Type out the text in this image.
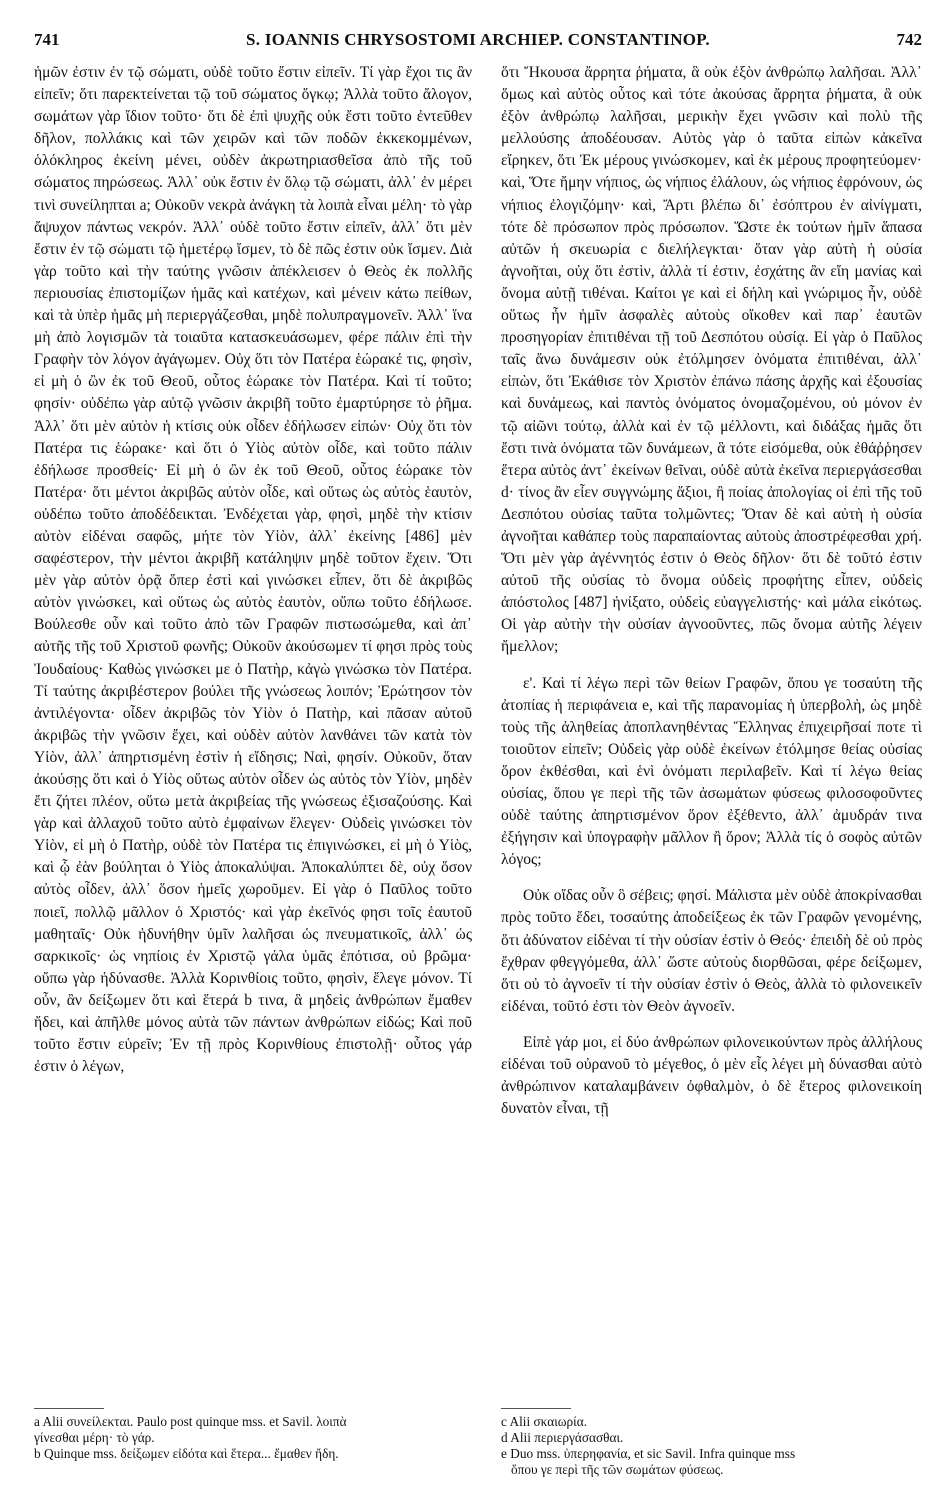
741	S. IOANNIS CHRYSOSTOMI ARCHIEP. CONSTANTINOP.	742

ἡμῶν ἐστιν ἐν τῷ σώματι, οὐδὲ τοῦτο ἔστιν εἰπεῖν. Τί γὰρ ἔχοι τις ἂν εἰπεῖν; ὅτι παρεκτείνεται τῷ τοῦ σώματος ὄγκῳ; Ἀλλὰ τοῦτο ἄλογον, σωμάτων γὰρ ἴδιον τοῦτο· ὅτι δὲ ἐπὶ ψυχῆς οὐκ ἔστι τοῦτο ἐντεῦθεν δῆλον, πολλάκις καὶ τῶν χειρῶν καὶ τῶν ποδῶν ἐκκεκομμένων, ὁλόκληρος ἐκείνη μένει, οὐδὲν ἀκρωτηριασθεῖσα ἀπὸ τῆς τοῦ σώματος πηρώσεως. Ἀλλ᾽ οὐκ ἔστιν ἐν ὅλῳ τῷ σώματι, ἀλλ᾽ ἐν μέρει τινὶ συνείληπται a; Οὐκοῦν νεκρὰ ἀνάγκη τὰ λοιπὰ εἶναι μέλη· τὸ γὰρ ἄψυχον πάντως νεκρόν. Ἀλλ᾽ οὐδὲ τοῦτο ἔστιν εἰπεῖν, ἀλλ᾽ ὅτι μὲν ἔστιν ἐν τῷ σώματι τῷ ἡμετέρῳ ἴσμεν, τὸ δὲ πῶς ἐστιν οὐκ ἴσμεν. Διὰ γὰρ τοῦτο καὶ τὴν ταύτης γνῶσιν ἀπέκλεισεν ὁ Θεὸς ἐκ πολλῆς περιουσίας ἐπιστομίζων ἡμᾶς καὶ κατέχων, καὶ μένειν κάτω πείθων, καὶ τὰ ὑπὲρ ἡμᾶς μὴ περιεργάζεσθαι, μηδὲ πολυπραγμονεῖν. Ἀλλ᾽ ἵνα μὴ ἀπὸ λογισμῶν τὰ τοιαῦτα κατασκευάσωμεν, φέρε πάλιν ἐπὶ τὴν Γραφὴν τὸν λόγον ἀγάγωμεν. Οὐχ ὅτι τὸν Πατέρα ἑώρακέ τις, φησὶν, εἰ μὴ ὁ ὢν ἐκ τοῦ Θεοῦ, οὗτος ἑώρακε τὸν Πατέρα. Καὶ τί τοῦτο; φησίν· οὐδέπω γὰρ αὐτῷ γνῶσιν ἀκριβῆ τοῦτο ἐμαρτύρησε τὸ ῥῆμα. Ἀλλ᾽ ὅτι μὲν αὐτὸν ἡ κτίσις οὐκ οἶδεν ἐδήλωσεν εἰπών· Οὐχ ὅτι τὸν Πατέρα τις ἑώρακε· καὶ ὅτι ὁ Υἱὸς αὐτὸν οἶδε, καὶ τοῦτο πάλιν ἐδήλωσε προσθείς· Εἰ μὴ ὁ ὢν ἐκ τοῦ Θεοῦ, οὗτος ἑώρακε τὸν Πατέρα· ὅτι μέντοι ἀκριβῶς αὐτὸν οἶδε, καὶ οὕτως ὡς αὐτὸς ἑαυτὸν, οὐδέπω τοῦτο ἀποδέδεικται. Ἐνδέχεται γὰρ, φησὶ, μηδὲ τὴν κτίσιν αὐτὸν εἰδέναι σαφῶς, μήτε τὸν Υἱὸν, ἀλλ᾽ ἐκείνης [486] μὲν σαφέστερον, τὴν μέντοι ἀκριβῆ κατάληψιν μηδὲ τοῦτον ἔχειν. Ὅτι μὲν γὰρ αὐτὸν ὁρᾷ ὅπερ ἐστὶ καὶ γινώσκει εἶπεν, ὅτι δὲ ἀκριβῶς αὐτὸν γινώσκει, καὶ οὕτως ὡς αὐτὸς ἑαυτὸν, οὔπω τοῦτο ἐδήλωσε. Βούλεσθε οὖν καὶ τοῦτο ἀπὸ τῶν Γραφῶν πιστωσώμεθα, καὶ ἀπ᾽ αὐτῆς τῆς τοῦ Χριστοῦ φωνῆς; Οὐκοῦν ἀκούσωμεν τί φησι πρὸς τοὺς Ἰουδαίους· Καθὼς γινώσκει με ὁ Πατὴρ, κἀγὼ γινώσκω τὸν Πατέρα. Τί ταύτης ἀκριβέστερον βούλει τῆς γνώσεως λοιπόν; Ἐρώτησον τὸν ἀντιλέγοντα· οἶδεν ἀκριβῶς τὸν Υἱὸν ὁ Πατὴρ, καὶ πᾶσαν αὐτοῦ ἀκριβῶς τὴν γνῶσιν ἔχει, καὶ οὐδὲν αὐτὸν λανθάνει τῶν κατὰ τὸν Υἱὸν, ἀλλ᾽ ἀπηρτισμένη ἐστὶν ἡ εἴδησις; Ναὶ, φησίν. Οὐκοῦν, ὅταν ἀκούσῃς ὅτι καὶ ὁ Υἱὸς οὕτως αὐτὸν οἶδεν ὡς αὐτὸς τὸν Υἱὸν, μηδὲν ἔτι ζήτει πλέον, οὕτω μετὰ ἀκριβείας τῆς γνώσεως ἐξισαζούσης. Καὶ γὰρ καὶ ἀλλαχοῦ τοῦτο αὐτὸ ἐμφαίνων ἔλεγεν· Οὐδεὶς γινώσκει τὸν Υἱὸν, εἰ μὴ ὁ Πατὴρ, οὐδὲ τὸν Πατέρα τις ἐπιγινώσκει, εἰ μὴ ὁ Υἱὸς, καὶ ᾧ ἐὰν βούληται ὁ Υἱὸς ἀποκαλύψαι. Ἀποκαλύπτει δὲ, οὐχ ὅσον αὐτὸς οἶδεν, ἀλλ᾽ ὅσον ἡμεῖς χωροῦμεν. Εἰ γὰρ ὁ Παῦλος τοῦτο ποιεῖ, πολλῷ μᾶλλον ὁ Χριστός· καὶ γὰρ ἐκεῖνός φησι τοῖς ἑαυτοῦ μαθηταῖς· Οὐκ ἠδυνήθην ὑμῖν λαλῆσαι ὡς πνευματικοῖς, ἀλλ᾽ ὡς σαρκικοῖς· ὡς νηπίοις ἐν Χριστῷ γάλα ὑμᾶς ἐπότισα, οὐ βρῶμα· οὔπω γὰρ ἠδύνασθε. Ἀλλὰ Κορινθίοις τοῦτο, φησὶν, ἔλεγε μόνον. Τί οὖν, ἂν δείξωμεν ὅτι καὶ ἕτερά b τινα, ἃ μηδεὶς ἀνθρώπων ἔμαθεν ἤδει, καὶ ἀπῆλθε μόνος αὐτὰ τῶν πάντων ἀνθρώπων εἰδώς; Καὶ ποῦ τοῦτο ἔστιν εὑρεῖν; Ἐν τῇ πρὸς Κορινθίους ἐπιστολῇ· οὗτος γάρ ἐστιν ὁ λέγων,

ὅτι Ἤκουσα ἄρρητα ῥήματα, ἃ οὐκ ἐξὸν ἀνθρώπῳ λαλῆσαι. Ἀλλ᾽ ὅμως καὶ αὐτὸς οὗτος καὶ τότε ἀκούσας ἄρρητα ῥήματα, ἃ οὐκ ἐξὸν ἀνθρώπῳ λαλῆσαι, μερικὴν ἔχει γνῶσιν καὶ πολὺ τῆς μελλούσης ἀποδέουσαν. Αὐτὸς γὰρ ὁ ταῦτα εἰπὼν κἀκεῖνα εἴρηκεν, ὅτι Ἐκ μέρους γινώσκομεν, καὶ ἐκ μέρους προφητεύομεν· καὶ, Ὅτε ἤμην νήπιος, ὡς νήπιος ἐλάλουν, ὡς νήπιος ἐφρόνουν, ὡς νήπιος ἐλογιζόμην· καὶ, Ἄρτι βλέπω δι᾽ ἐσόπτρου ἐν αἰνίγματι, τότε δὲ πρόσωπον πρὸς πρόσωπον. Ὥστε ἐκ τούτων ἡμῖν ἅπασα αὐτῶν ἡ σκευωρία c διελήλεγκται· ὅταν γὰρ αὐτὴ ἡ οὐσία ἀγνοῆται, οὐχ ὅτι ἐστὶν, ἀλλὰ τί ἐστιν, ἐσχάτης ἂν εἴη μανίας καὶ ὄνομα αὐτῇ τιθέναι. Καίτοι γε καὶ εἰ δήλη καὶ γνώριμος ἦν, οὐδὲ οὕτως ἦν ἡμῖν ἀσφαλὲς αὐτοὺς οἴκοθεν καὶ παρ᾽ ἑαυτῶν προσηγορίαν ἐπιτιθέναι τῇ τοῦ Δεσπότου οὐσίᾳ. Εἰ γὰρ ὁ Παῦλος ταῖς ἄνω δυνάμεσιν οὐκ ἐτόλμησεν ὀνόματα ἐπιτιθέναι, ἀλλ᾽ εἰπὼν, ὅτι Ἐκάθισε τὸν Χριστὸν ἐπάνω πάσης ἀρχῆς καὶ ἐξουσίας καὶ δυνάμεως, καὶ παντὸς ὀνόματος ὀνομαζομένου, οὐ μόνον ἐν τῷ αἰῶνι τούτῳ, ἀλλὰ καὶ ἐν τῷ μέλλοντι, καὶ διδάξας ἡμᾶς ὅτι ἔστι τινὰ ὀνόματα τῶν δυνάμεων, ἃ τότε εἰσόμεθα, οὐκ ἐθάῤῥησεν ἕτερα αὐτὸς ἀντ᾽ ἐκείνων θεῖναι, οὐδὲ αὐτὰ ἐκεῖνα περιεργάσεσθαι d· τίνος ἂν εἶεν συγγνώμης ἄξιοι, ἢ ποίας ἀπολογίας οἱ ἐπὶ τῆς τοῦ Δεσπότου οὐσίας ταῦτα τολμῶντες; Ὅταν δὲ καὶ αὐτὴ ἡ οὐσία ἀγνοῆται καθάπερ τοὺς παραπαίοντας αὐτοὺς ἀποστρέφεσθαι χρή. Ὅτι μὲν γὰρ ἀγέννητός ἐστιν ὁ Θεὸς δῆλον· ὅτι δὲ τοῦτό ἐστιν αὐτοῦ τῆς οὐσίας τὸ ὄνομα οὐδεὶς προφήτης εἶπεν, οὐδεὶς ἀπόστολος [487] ἠνίξατο, οὐδεὶς εὐαγγελιστής· καὶ μάλα εἰκότως. Οἱ γὰρ αὐτὴν τὴν οὐσίαν ἀγνοοῦντες, πῶς ὄνομα αὐτῆς λέγειν ἤμελλον;

ε'. Καὶ τί λέγω περὶ τῶν θείων Γραφῶν, ὅπου γε τοσαύτη τῆς ἀτοπίας ἡ περιφάνεια e, καὶ τῆς παρανομίας ἡ ὑπερβολὴ, ὡς μηδὲ τοὺς τῆς ἀληθείας ἀποπλανηθέντας Ἕλληνας ἐπιχειρῆσαί ποτε τὶ τοιοῦτον εἰπεῖν; Οὐδεὶς γὰρ οὐδὲ ἐκείνων ἐτόλμησε θείας οὐσίας ὅρον ἐκθέσθαι, καὶ ἑνὶ ὀνόματι περιλαβεῖν. Καὶ τί λέγω θείας οὐσίας, ὅπου γε περὶ τῆς τῶν ἀσωμάτων φύσεως φιλοσοφοῦντες οὐδὲ ταύτης ἀπηρτισμένον ὅρον ἐξέθεντο, ἀλλ᾽ ἀμυδράν τινα ἐξήγησιν καὶ ὑπογραφὴν μᾶλλον ἢ ὅρον; Ἀλλὰ τίς ὁ σοφὸς αὐτῶν λόγος;

Οὐκ οἴδας οὖν ὃ σέβεις; φησί. Μάλιστα μὲν οὐδὲ ἀποκρίνασθαι πρὸς τοῦτο ἔδει, τοσαύτης ἀποδείξεως ἐκ τῶν Γραφῶν γενομένης, ὅτι ἀδύνατον εἰδέναι τί τὴν οὐσίαν ἐστὶν ὁ Θεός· ἐπειδὴ δὲ οὐ πρὸς ἔχθραν φθεγγόμεθα, ἀλλ᾽ ὥστε αὐτοὺς διορθῶσαι, φέρε δείξωμεν, ὅτι οὐ τὸ ἀγνοεῖν τί τὴν οὐσίαν ἐστὶν ὁ Θεὸς, ἀλλὰ τὸ φιλονεικεῖν εἰδέναι, τοῦτό ἐστι τὸν Θεὸν ἀγνοεῖν.

Εἰπὲ γάρ μοι, εἰ δύο ἀνθρώπων φιλονεικούντων πρὸς ἀλλήλους εἰδέναι τοῦ οὐρανοῦ τὸ μέγεθος, ὁ μὲν εἷς λέγει μὴ δύνασθαι αὐτὸ ἀνθρώπινον καταλαμβάνειν ὀφθαλμὸν, ὁ δὲ ἕτερος φιλονεικοίη δυνατὸν εἶναι, τῇ

a Alii συνείλεκται. Paulo post quinque mss. et Savil. λοιπὰ
γίνεσθαι μέρη· τὸ γάρ.
b Quinque mss. δείξωμεν εἰδότα καὶ ἕτερα... ἔμαθεν ἤδη.
c Alii σκαιωρία.
d Alii περιεργάσασθαι.
e Duo mss. ὑπερηφανία, et sic Savil. Infra quinque mss
ὅπου γε περὶ τῆς τῶν σωμάτων φύσεως.
